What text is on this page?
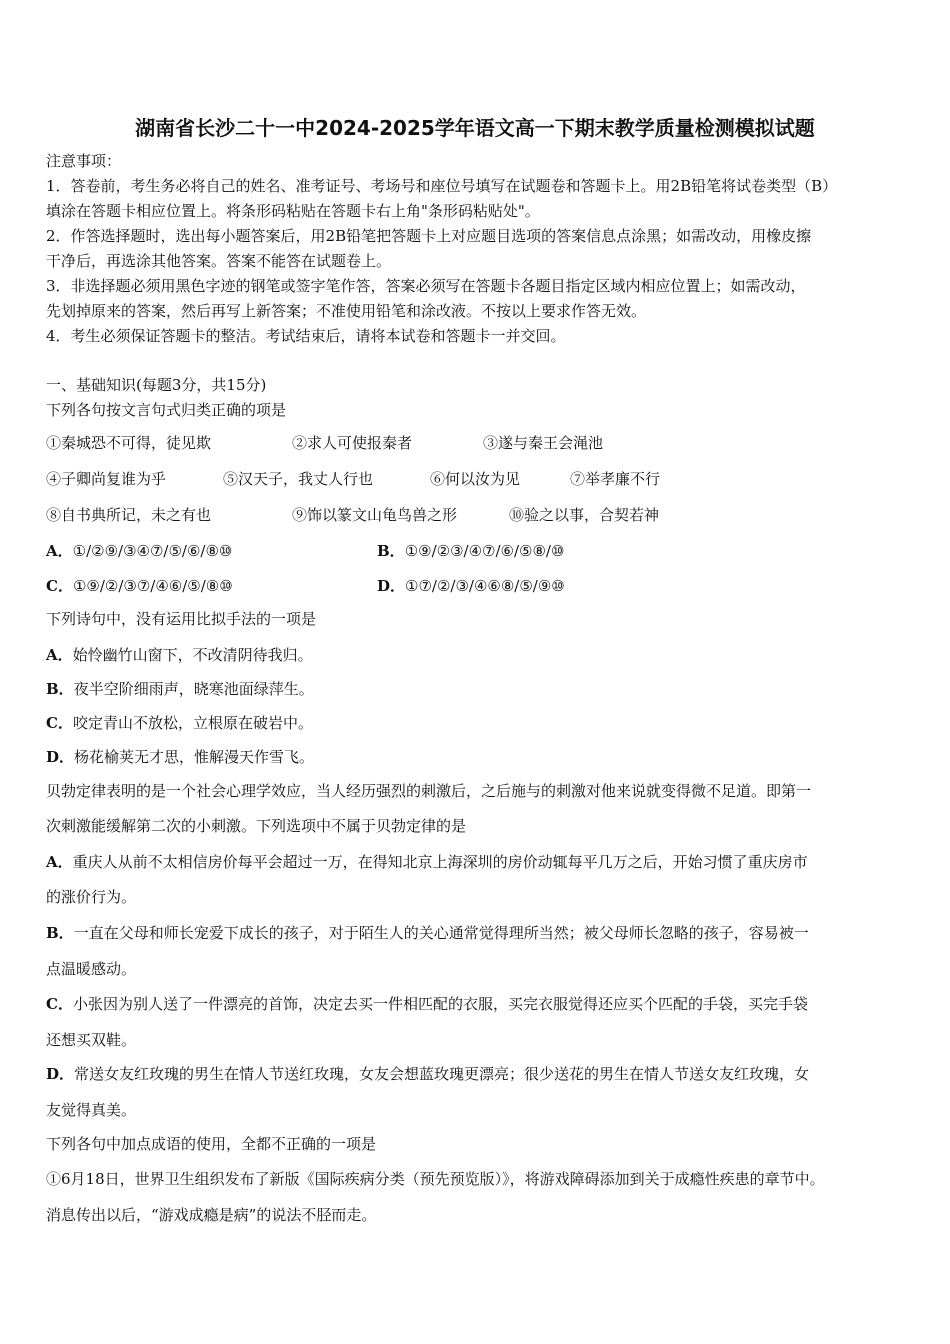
湖南省长沙二十一中2024-2025学年语文高一下期末教学质量检测模拟试题
注意事项：
1．答卷前，考生务必将自己的姓名、准考证号、考场号和座位号填写在试题卷和答题卡上。用2B铅笔将试卷类型（B）
填涂在答题卡相应位置上。将条形码粘贴在答题卡右上角"条形码粘贴处"。
2．作答选择题时，选出每小题答案后，用2B铅笔把答题卡上对应题目选项的答案信息点涂黑；如需改动，用橡皮擦
干净后，再选涂其他答案。答案不能答在试题卷上。
3．非选择题必须用黑色字迹的钢笔或签字笔作答，答案必须写在答题卡各题目指定区域内相应位置上；如需改动，
先划掉原来的答案，然后再写上新答案；不准使用铅笔和涂改液。不按以上要求作答无效。
4．考生必须保证答题卡的整洁。考试结束后，请将本试卷和答题卡一并交回。
一、基础知识(每题3分，共15分)
下列各句按文言句式归类正确的项是
①秦城恐不可得，徒见欺	②求人可使报秦者	③遂与秦王会渑池
④子卿尚复谁为乎	⑤汉天子，我丈人行也	⑥何以汝为见	⑦举孝廉不行
⑧自书典所记，未之有也	⑨饰以篆文山龟鸟兽之形	⑩验之以事，合契若神
A．①/②⑨/③④⑦/⑤/⑥/⑧⑩	B．①⑨/②③/④⑦/⑥/⑤⑧/⑩
C．①⑨/②/③⑦/④⑥/⑤/⑧⑩	D．①⑦/②/③/④⑥⑧/⑤/⑨⑩
下列诗句中，没有运用比拟手法的一项是
A．始怜幽竹山窗下，不改清阴待我归。
B．夜半空阶细雨声，晓寒池面绿萍生。
C．咬定青山不放松，立根原在破岩中。
D．杨花榆荚无才思，惟解漫天作雪飞。
贝勃定律表明的是一个社会心理学效应，当人经历强烈的刺激后，之后施与的刺激对他来说就变得微不足道。即第一
次刺激能缓解第二次的小刺激。下列选项中不属于贝勃定律的是
A．重庆人从前不太相信房价每平会超过一万，在得知北京上海深圳的房价动辄每平几万之后，开始习惯了重庆房市
的涨价行为。
B．一直在父母和师长宠爱下成长的孩子，对于陌生人的关心通常觉得理所当然；被父母师长忽略的孩子，容易被一
点温暖感动。
C．小张因为别人送了一件漂亮的首饰，决定去买一件相匹配的衣服，买完衣服觉得还应买个匹配的手袋，买完手袋
还想买双鞋。
D．常送女友红玫瑰的男生在情人节送红玫瑰，女友会想蓝玫瑰更漂亮；很少送花的男生在情人节送女友红玫瑰，女
友觉得真美。
下列各句中加点成语的使用，全都不正确的一项是
①6月18日，世界卫生组织发布了新版《国际疾病分类（预先预览版）》，将游戏障碍添加到关于成瘾性疾患的章节中。
消息传出以后，“游戏成瘾是病”的说法不胫而走。
